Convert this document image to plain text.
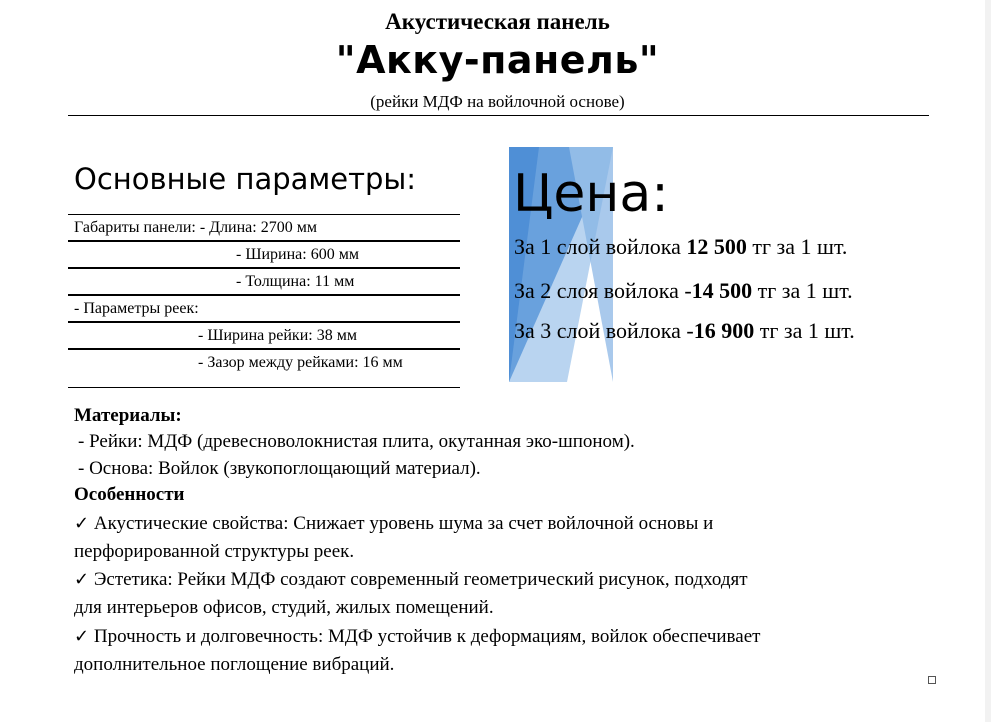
Акустическая панель
"Акку-панель"
(рейки МДФ на войлочной основе)
Основные параметры:
Габариты панели: - Длина: 2700 мм
- Ширина: 600 мм
- Толщина: 11 мм
- Параметры реек:
- Ширина рейки: 38 мм
- Зазор между рейками: 16 мм
Цена:
За 1 слой войлока 12 500 тг за 1 шт.
За 2 слоя войлока -14 500 тг за 1 шт.
За 3 слой войлока -16 900 тг за 1 шт.
Материалы:
- Рейки: МДФ (древесноволокнистая плита, окутанная эко-шпоном).
- Основа: Войлок (звукопоглощающий материал).
Особенности
✓ Акустические свойства: Снижает уровень шума за счет войлочной основы и
перфорированной структуры реек.
✓ Эстетика: Рейки МДФ создают современный геометрический рисунок, подходят
для интерьеров офисов, студий, жилых помещений.
✓ Прочность и долговечность: МДФ устойчив к деформациям, войлок обеспечивает
дополнительное поглощение вибраций.
